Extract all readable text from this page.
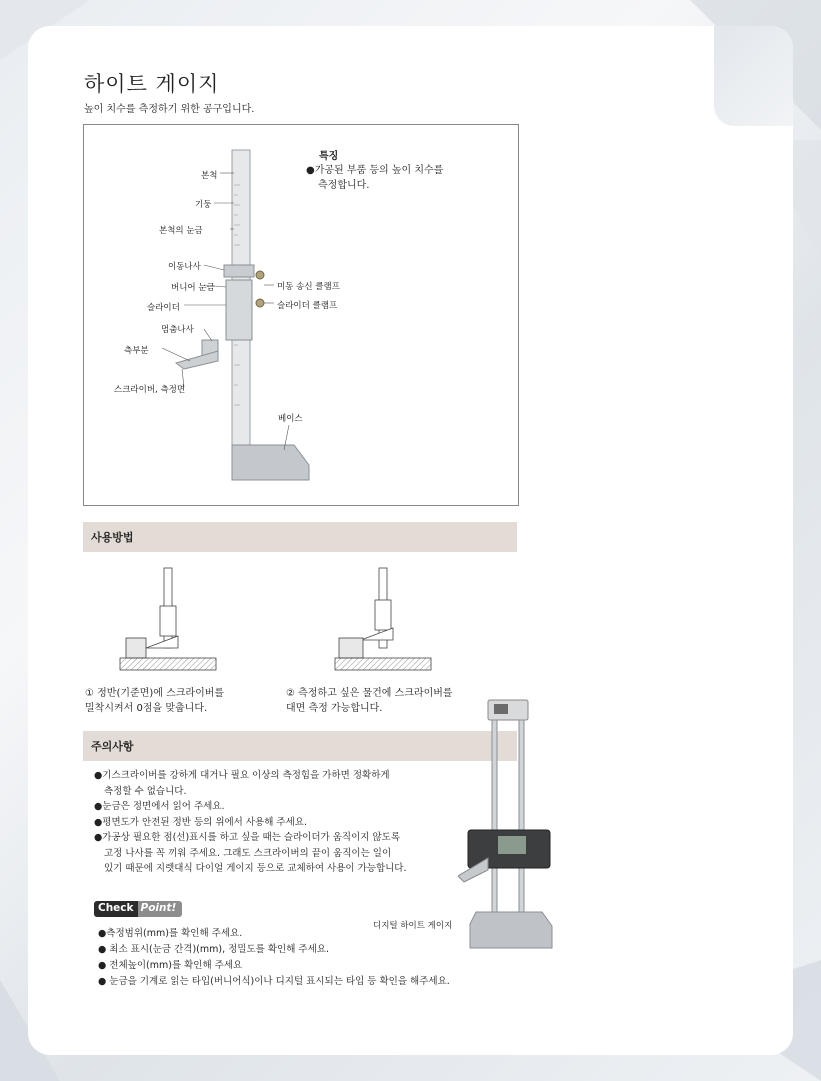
하이트 게이지
높이 치수를 측정하기 위한 공구입니다.
본척
기둥
본척의 눈금
이동나사
버니어 눈금
슬라이더
멈춤나사
측부분
스크라이버, 측정면
미동 송신 클램프
슬라이더 클램프
베이스
특징
●가공된 부품 등의 높이 치수를
측정합니다.
사용방법
① 정반(기준면)에 스크라이버를
밀착시켜서 0점을 맞춥니다.
② 측정하고 싶은 물건에 스크라이버를
대면 측정 가능합니다.
주의사항
●기스크라이버를 강하게 대거나 필요 이상의 측정힘을 가하면 정확하게
측정할 수 없습니다.
●눈금은 정면에서 읽어 주세요.
●평면도가 안전된 정반 등의 위에서 사용해 주세요.
●가공상 필요한 점(선)표시를 하고 싶을 때는 슬라이더가 움직이지 않도록
고정 나사를 꼭 끼워 주세요. 그래도 스크라이버의 끝이 움직이는 일이
있기 때문에 지렛대식 다이얼 게이지 등으로 교체하여 사용이 가능합니다.
디지털 하이트 게이지
Check Point!
●측정범위(mm)를 확인해 주세요.
● 최소 표시(눈금 간격)(mm), 정밀도를 확인해 주세요.
● 전체높이(mm)를 확인해 주세요
● 눈금을 기계로 읽는 타입(버니어식)이나 디지털 표시되는 타입 등 확인을 해주세요.
